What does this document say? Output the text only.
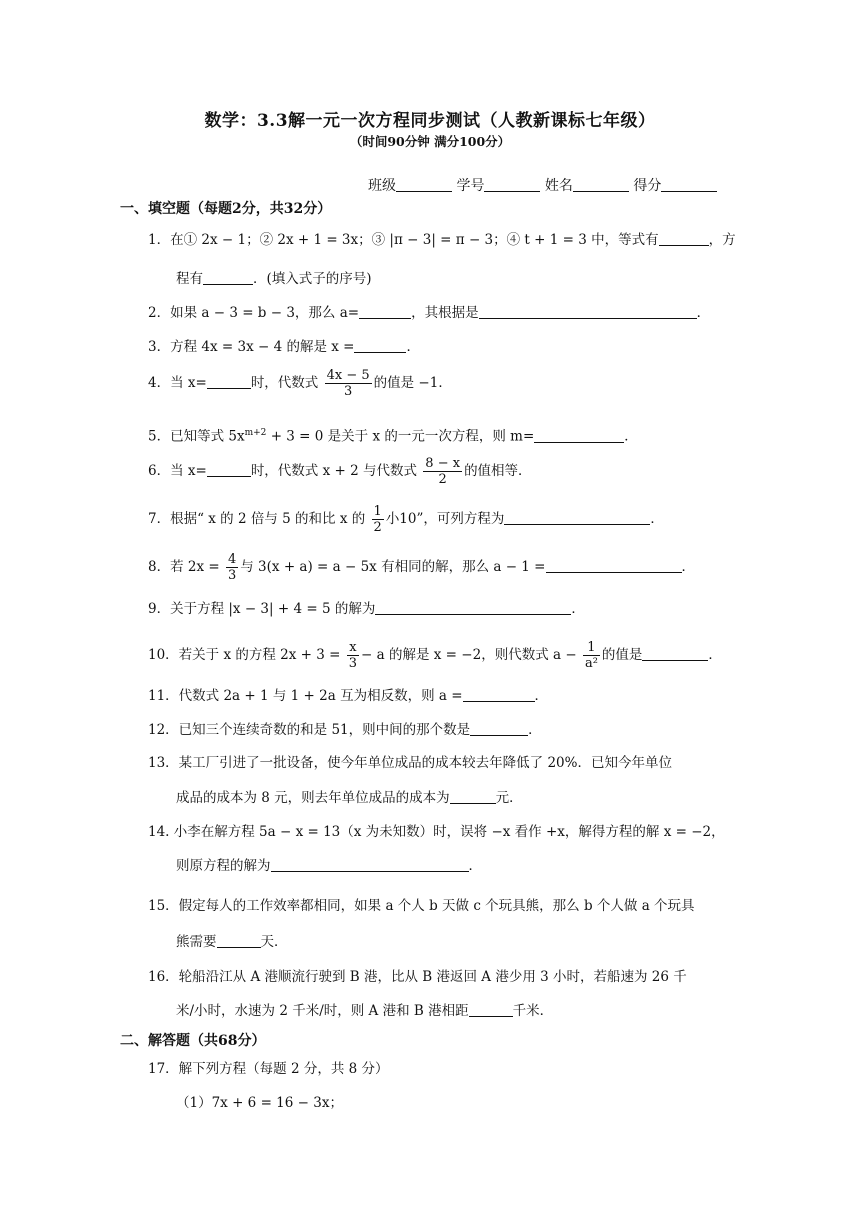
数学：3.3解一元一次方程同步测试（人教新课标七年级）
（时间90分钟 满分100分）
班级	学号	姓名	得分
一、填空题（每题2分，共32分）
1．在① 2x − 1；② 2x + 1 = 3x；③ |π − 3| = π − 3；④ t + 1 = 3 中，等式有	，方
程有	．(填入式子的序号)
2．如果 a − 3 = b − 3，那么 a=	，其根据是	．
3．方程 4x = 3x − 4 的解是 x =	．
4．当 x=	时，代数式 $\frac{4x - 5}{3}$ 的值是 −1．
5．已知等式 $5x^{m+2} + 3 = 0$ 是关于 x 的一元一次方程，则 m=	．
6．当 x=	时，代数式 x + 2 与代数式 $\frac{8 - x}{2}$ 的值相等．
7．根据“ x 的 2 倍与 5 的和比 x 的 $\frac{1}{2}$ 小10”，可列方程为	．
8．若 $2x = \frac{4}{3}$ 与 3(x + a) = a − 5x 有相同的解，那么 a − 1 =	．
9．关于方程 |x − 3| + 4 = 5 的解为	．
10．若关于 x 的方程 $2x + 3 = \frac{x}{3} - a$ 的解是 x = −2，则代数式 $a - \frac{1}{\text{a²}}$ 的值是	．
11．代数式 2a + 1 与 1 + 2a 互为相反数，则 a =	．
12．已知三个连续奇数的和是 51，则中间的那个数是	．
13．某工厂引进了一批设备，使今年单位成品的成本较去年降低了 20%．已知今年单位
成品的成本为 8 元，则去年单位成品的成本为	元．
14. 小李在解方程 5a − x = 13（x 为未知数）时，误将 −x 看作 +x，解得方程的解 x = −2，
则原方程的解为	．
15．假定每人的工作效率都相同，如果 a 个人 b 天做 c 个玩具熊，那么 b 个人做 a 个玩具
熊需要	天．
16．轮船沿江从 A 港顺流行驶到 B 港，比从 B 港返回 A 港少用 3 小时，若船速为 26 千
米/小时，水速为 2 千米/时，则 A 港和 B 港相距	千米．
二、解答题（共68分）
17．解下列方程（每题 2 分，共 8 分）
（1）7x + 6 = 16 − 3x；
